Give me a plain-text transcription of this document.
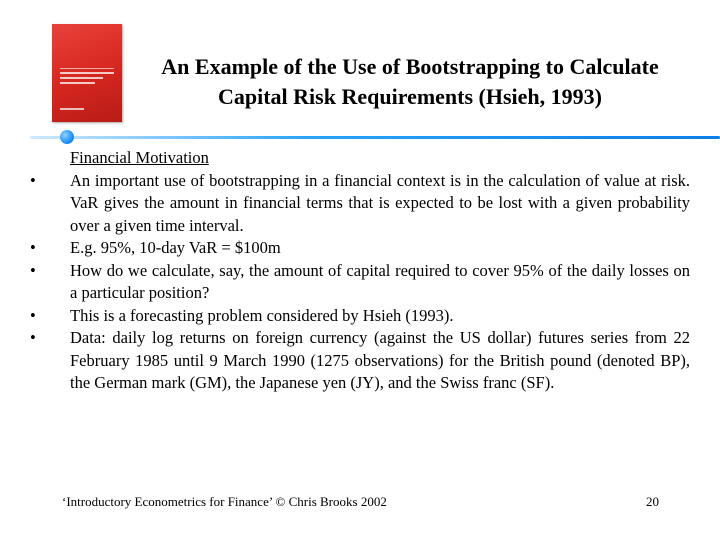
An Example of the Use of Bootstrapping to Calculate
Capital Risk Requirements (Hsieh, 1993)
Financial Motivation
•	An important use of bootstrapping in a financial context is in the calculation of value at risk. VaR gives the amount in financial terms that is expected to be lost with a given probability over a given time interval.
•	E.g. 95%, 10-day VaR = $100m
•	How do we calculate, say, the amount of capital required to cover 95% of the daily losses on a particular position?
•	This is a forecasting problem considered by Hsieh (1993).
•	Data: daily log returns on foreign currency (against the US dollar) futures series from 22 February 1985 until 9 March 1990 (1275 observations) for the British pound (denoted BP), the German mark (GM), the Japanese yen (JY), and the Swiss franc (SF).
‘Introductory Econometrics for Finance’ © Chris Brooks 2002	20
